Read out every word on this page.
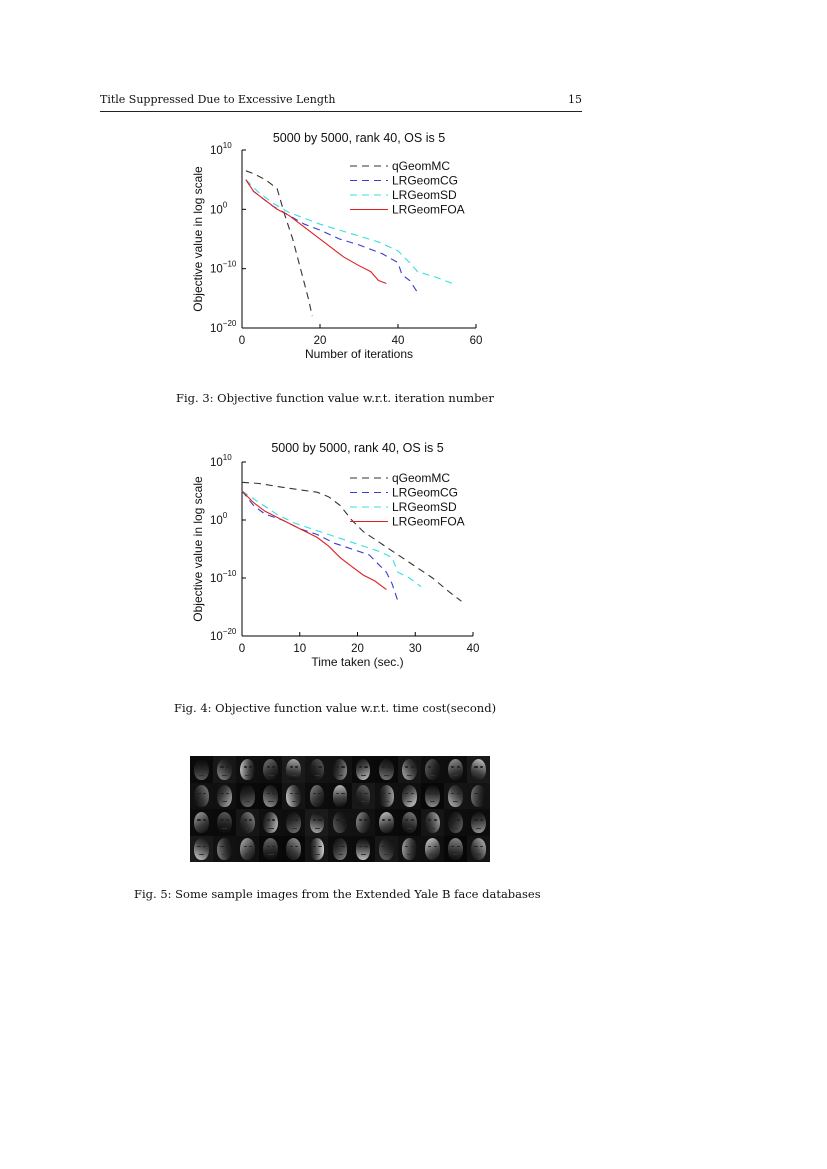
Title Suppressed Due to Excessive Length	15
5000 by 5000, rank 40, OS is 5
0	20	40	60
$10^{10}$
$10^0$
$10^{-10}$
$10^{-20}$
Number of iterations
Objective value in log scale
qGeomMC
LRGeomCG
LRGeomSD
LRGeomFOA
5000 by 5000, rank 40, OS is 5
0	10	20	30	40
$10^{10}$
$10^0$
$10^{-10}$
$10^{-20}$
Time taken (sec.)
Objective value in log scale	qGeomMC
LRGeomCG
LRGeomSD
LRGeomFOA
Fig. 3: Objective function value w.r.t. iteration number
Fig. 4: Objective function value w.r.t. time cost(second)
Fig. 5: Some sample images from the Extended Yale B face databases
